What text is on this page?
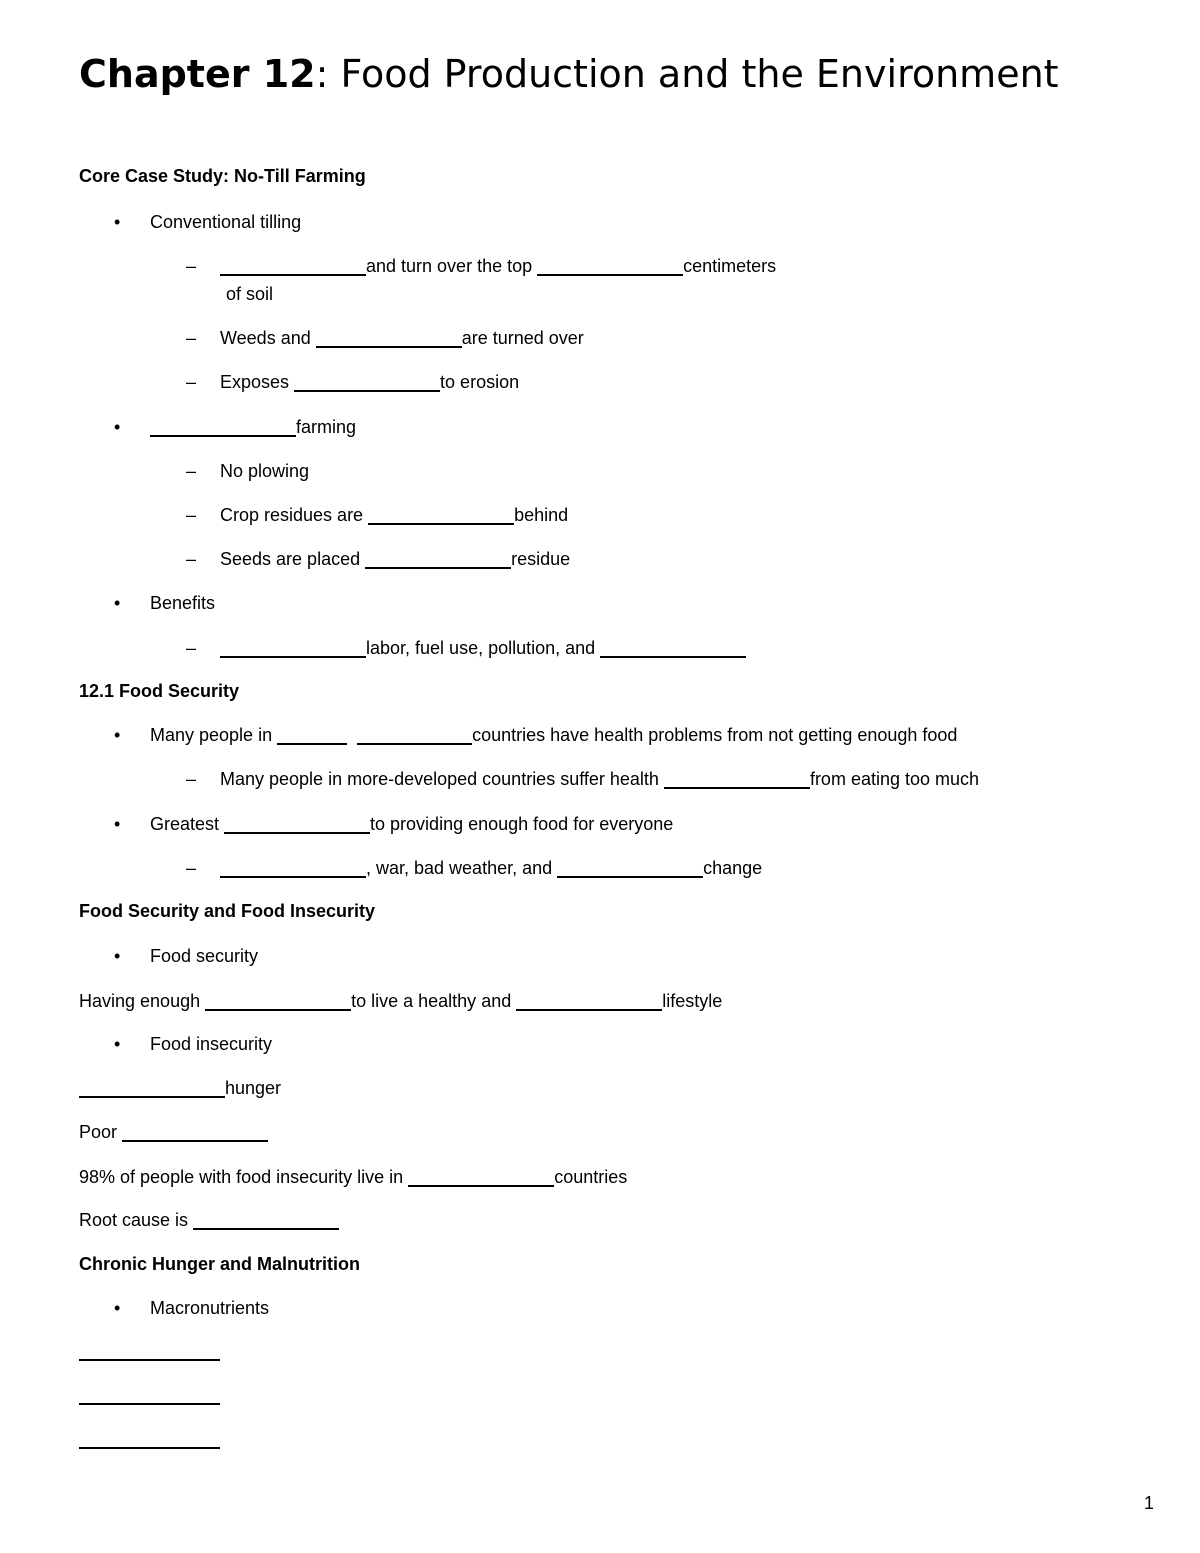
Chapter 12: Food Production and the Environment
Core Case Study: No-Till Farming
• Conventional tilling
–	and turn over the top	centimeters
of soil
– Weeds and	are turned over
– Exposes	to erosion
•	farming
– No plowing
– Crop residues are	behind
– Seeds are placed	residue
• Benefits
–	labor, fuel use, pollution, and
12.1 Food Security
• Many people in	countries have health problems from not getting enough food
– Many people in more-developed countries suffer health	from eating too much
• Greatest	to providing enough food for everyone
–	, war, bad weather, and	change
Food Security and Food Insecurity
• Food security
Having enough	to live a healthy and	lifestyle
• Food insecurity
hunger
Poor
98% of people with food insecurity live in	countries
Root cause is
Chronic Hunger and Malnutrition
• Macronutrients
1
